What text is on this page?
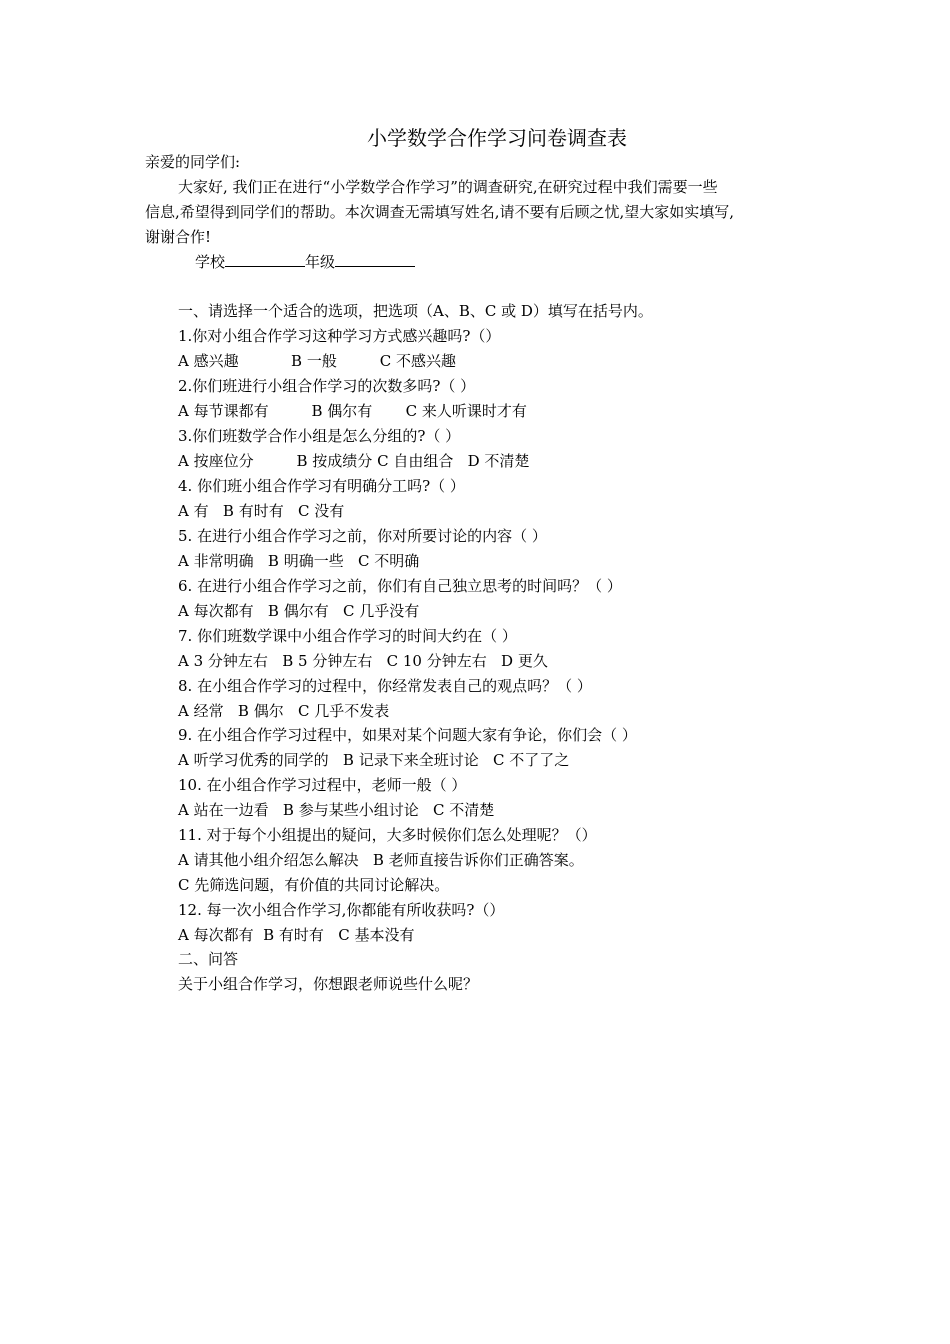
小学数学合作学习问卷调查表
亲爱的同学们:
大家好, 我们正在进行“小学数学合作学习”的调查研究,在研究过程中我们需要一些
信息,希望得到同学们的帮助。本次调查无需填写姓名,请不要有后顾之忧,望大家如实填写,
谢谢合作!
学校	年级
一、请选择一个适合的选项，把选项（A、B、C 或 D）填写在括号内。
1.你对小组合作学习这种学习方式感兴趣吗?（）
A 感兴趣           B 一般         C 不感兴趣
2.你们班进行小组合作学习的次数多吗?（ ）
A 每节课都有         B 偶尔有       C 来人听课时才有
3.你们班数学合作小组是怎么分组的?（ ）
A 按座位分         B 按成绩分 C 自由组合   D 不清楚
4. 你们班小组合作学习有明确分工吗?（ ）
A 有   B 有时有   C 没有
5. 在进行小组合作学习之前，你对所要讨论的内容（ ）
A 非常明确   B 明确一些   C 不明确
6. 在进行小组合作学习之前，你们有自己独立思考的时间吗？（ ）
A 每次都有   B 偶尔有   C 几乎没有
7. 你们班数学课中小组合作学习的时间大约在（ ）
A 3 分钟左右   B 5 分钟左右   C 10 分钟左右   D 更久
8. 在小组合作学习的过程中，你经常发表自己的观点吗？（ ）
A 经常   B 偶尔   C 几乎不发表
9. 在小组合作学习过程中，如果对某个问题大家有争论，你们会（ ）
A 听学习优秀的同学的   B 记录下来全班讨论   C 不了了之
10. 在小组合作学习过程中，老师一般（ ）
A 站在一边看   B 参与某些小组讨论   C 不清楚
11. 对于每个小组提出的疑问，大多时候你们怎么处理呢？（）
A 请其他小组介绍怎么解决   B 老师直接告诉你们正确答案。
C 先筛选问题，有价值的共同讨论解决。
12. 每一次小组合作学习,你都能有所收获吗?（）
A 每次都有  B 有时有   C 基本没有
二、问答
关于小组合作学习，你想跟老师说些什么呢？
